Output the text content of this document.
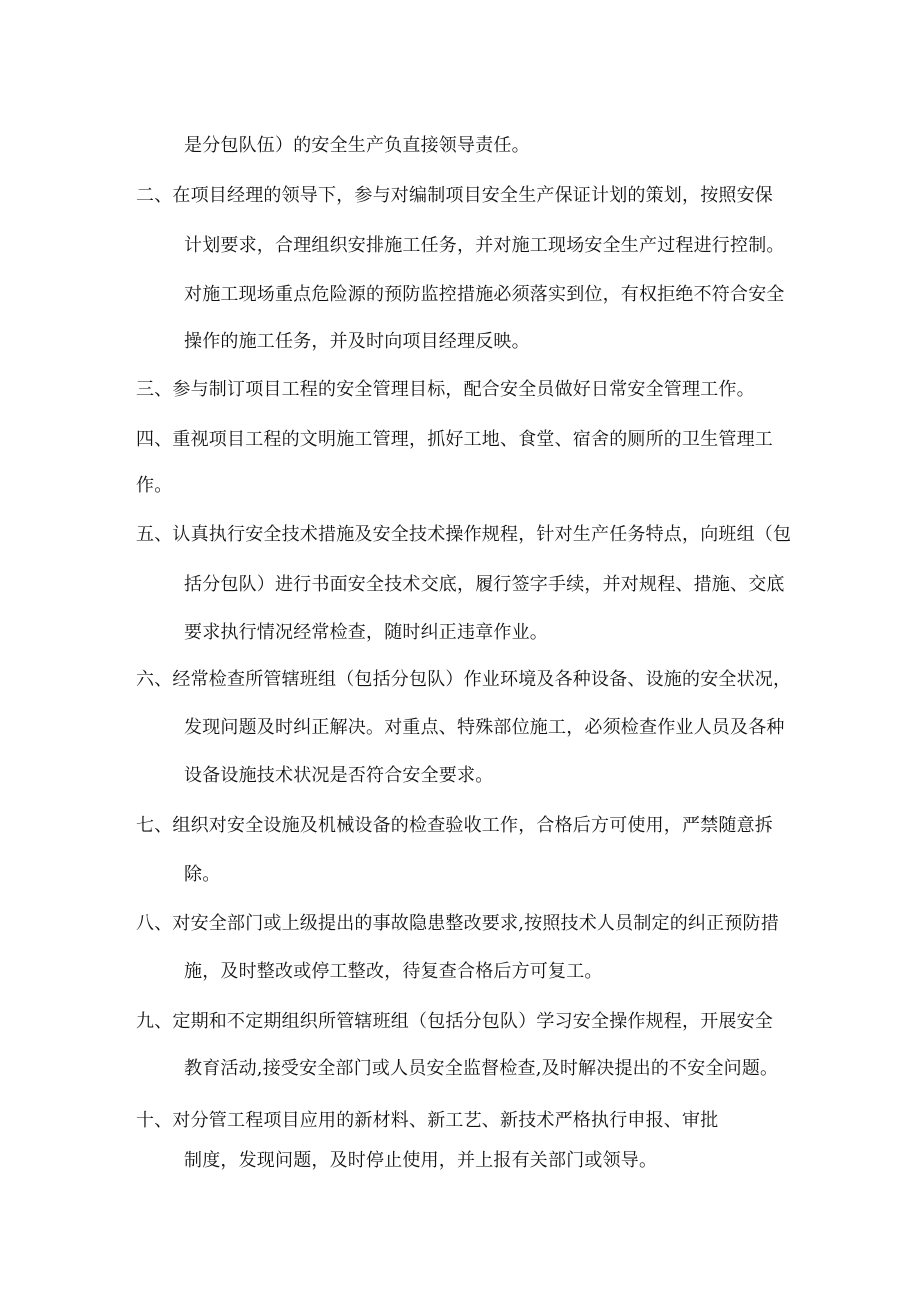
是分包队伍）的安全生产负直接领导责任。
二、在项目经理的领导下，参与对编制项目安全生产保证计划的策划，按照安保
计划要求，合理组织安排施工任务，并对施工现场安全生产过程进行控制。
对施工现场重点危险源的预防监控措施必须落实到位，有权拒绝不符合安全
操作的施工任务，并及时向项目经理反映。
三、参与制订项目工程的安全管理目标，配合安全员做好日常安全管理工作。
四、重视项目工程的文明施工管理，抓好工地、食堂、宿舍的厕所的卫生管理工
作。
五、认真执行安全技术措施及安全技术操作规程，针对生产任务特点，向班组（包
括分包队）进行书面安全技术交底，履行签字手续，并对规程、措施、交底
要求执行情况经常检查，随时纠正违章作业。
六、经常检查所管辖班组（包括分包队）作业环境及各种设备、设施的安全状况，
发现问题及时纠正解决。对重点、特殊部位施工，必须检查作业人员及各种
设备设施技术状况是否符合安全要求。
七、组织对安全设施及机械设备的检查验收工作，合格后方可使用，严禁随意拆
除。
八、对安全部门或上级提出的事故隐患整改要求,按照技术人员制定的纠正预防措
施，及时整改或停工整改，待复查合格后方可复工。
九、定期和不定期组织所管辖班组（包括分包队）学习安全操作规程，开展安全
教育活动,接受安全部门或人员安全监督检查,及时解决提出的不安全问题。
十、对分管工程项目应用的新材料、新工艺、新技术严格执行申报、审批
制度，发现问题，及时停止使用，并上报有关部门或领导。
